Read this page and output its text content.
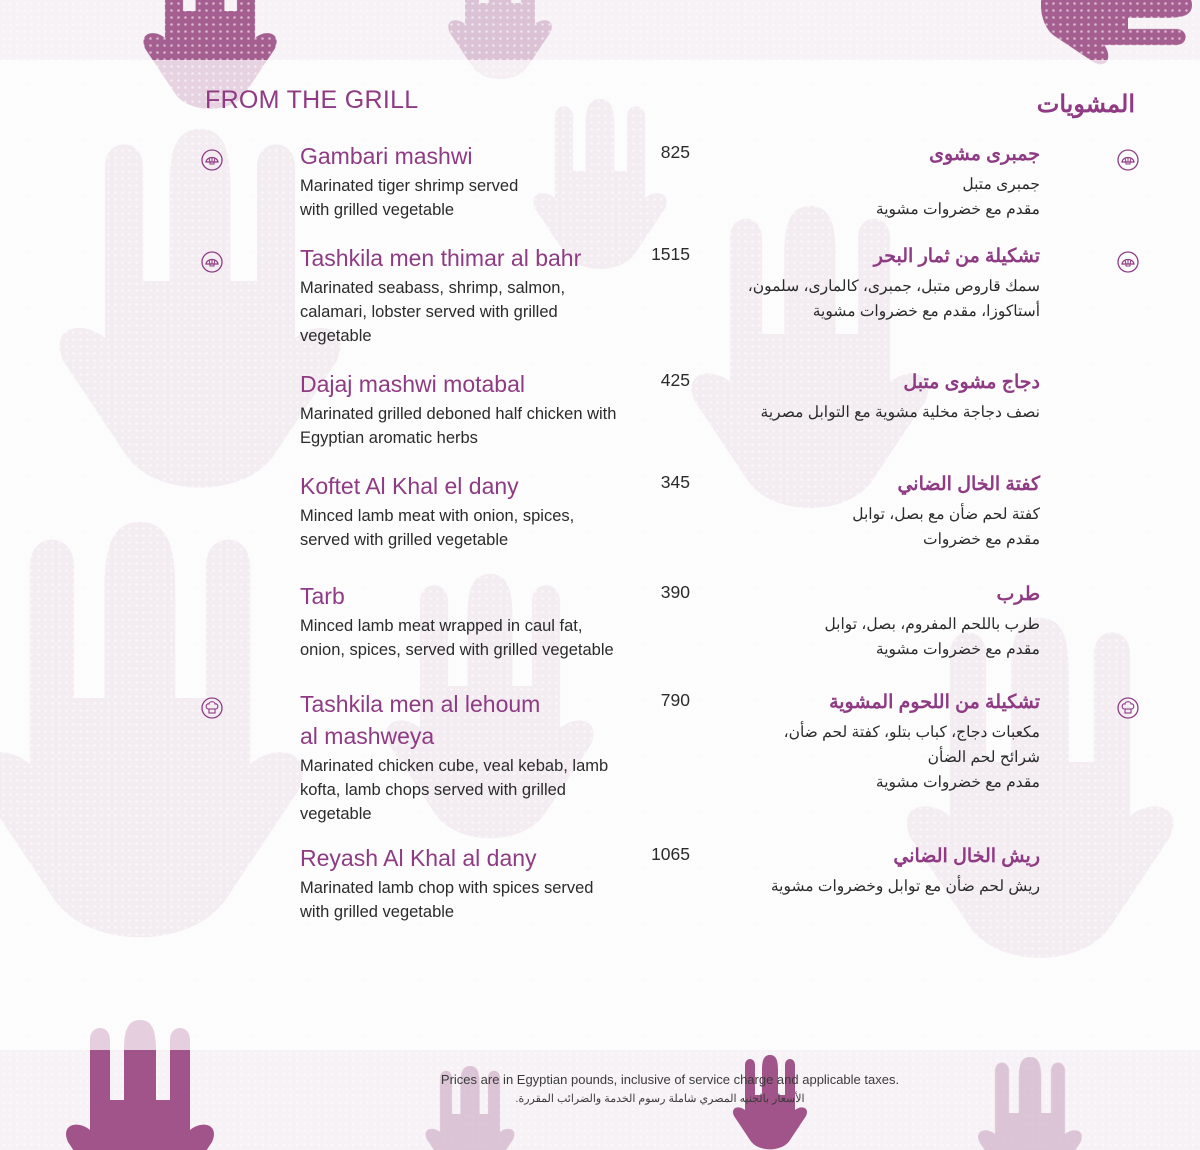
FROM THE GRILL	المشويات
Gambari mashwi
Marinated tiger shrimp served
with grilled vegetable
825	جمبرى مشوى
جمبرى متبل
مقدم مع خضروات مشوية
Tashkila men thimar al bahr
Marinated seabass, shrimp, salmon,
calamari, lobster served with grilled
vegetable
1515	تشكيلة من ثمار البحر
سمك قاروص متبل، جمبرى، كالمارى، سلمون،
أستاكوزا، مقدم مع خضروات مشوية
Dajaj mashwi motabal
Marinated grilled deboned half chicken with
Egyptian aromatic herbs
425	دجاج مشوى متبل
نصف دجاجة مخلية مشوية مع التوابل مصرية
Koftet Al Khal el dany
Minced lamb meat with onion, spices,
served with grilled vegetable
345	كفتة الخال الضاني
كفتة لحم ضأن مع بصل، توابل
مقدم مع خضروات
Tarb
Minced lamb meat wrapped in caul fat,
onion, spices, served with grilled vegetable
390	طرب
طرب باللحم المفروم، بصل، توابل
مقدم مع خضروات مشوية
Tashkila men al lehoum
al mashweya
Marinated chicken cube, veal kebab, lamb
kofta, lamb chops served with grilled
vegetable
790	تشكيلة من اللحوم المشوية
مكعبات دجاج، كباب بتلو، كفتة لحم ضأن،
شرائح لحم الضأن
مقدم مع خضروات مشوية
Reyash Al Khal al dany
Marinated lamb chop with spices served
with grilled vegetable
1065	ريش الخال الضاني
ريش لحم ضأن مع توابل وخضروات مشوية
Prices are in Egyptian pounds, inclusive of service charge and applicable taxes.
الأسعار بالجنيه المصري شاملة رسوم الخدمة والضرائب المقررة.
